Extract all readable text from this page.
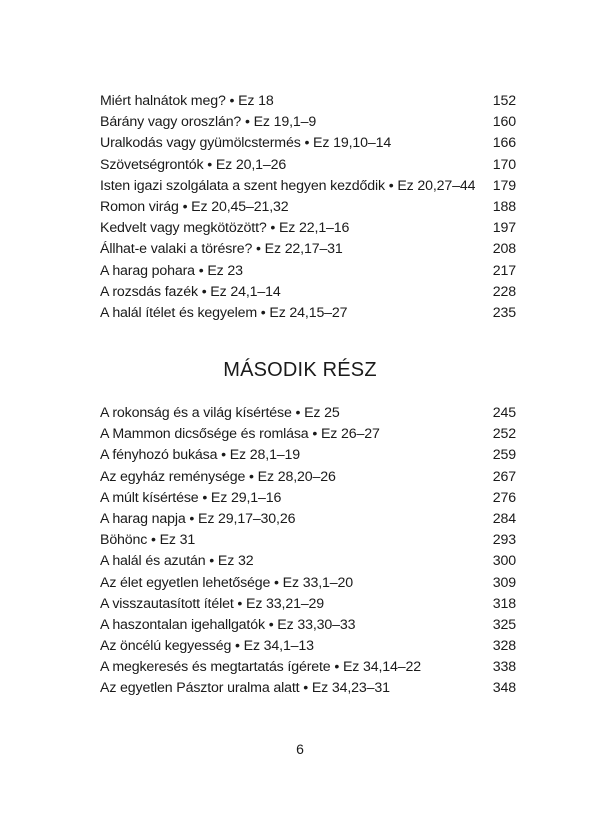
Miért halnátok meg? • Ez 18	152
Bárány vagy oroszlán? • Ez 19,1–9	160
Uralkodás vagy gyümölcstermés • Ez 19,10–14	166
Szövetségrontók • Ez 20,1–26	170
Isten igazi szolgálata a szent hegyen kezdődik • Ez 20,27–44	179
Romon virág • Ez 20,45–21,32	188
Kedvelt vagy megkötözött? • Ez 22,1–16	197
Állhat-e valaki a törésre? • Ez 22,17–31	208
A harag pohara • Ez 23	217
A rozsdás fazék • Ez 24,1–14	228
A halál ítélet és kegyelem • Ez 24,15–27	235
MÁSODIK RÉSZ
A rokonság és a világ kísértése • Ez 25	245
A Mammon dicsősége és romlása • Ez 26–27	252
A fényhozó bukása • Ez 28,1–19	259
Az egyház reménysége • Ez 28,20–26	267
A múlt kísértése • Ez 29,1–16	276
A harag napja • Ez 29,17–30,26	284
Böhönc • Ez 31	293
A halál és azután • Ez 32	300
Az élet egyetlen lehetősége • Ez 33,1–20	309
A visszautasított ítélet • Ez 33,21–29	318
A haszontalan igehallgatók • Ez 33,30–33	325
Az öncélú kegyesség • Ez 34,1–13	328
A megkeresés és megtartatás ígérete • Ez 34,14–22	338
Az egyetlen Pásztor uralma alatt • Ez 34,23–31	348
6
